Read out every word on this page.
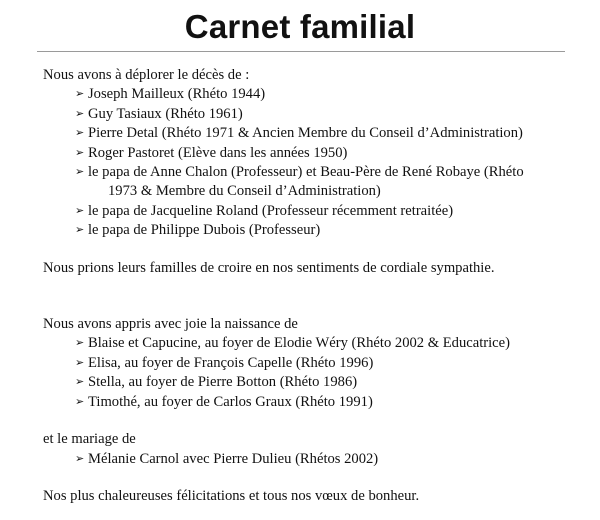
Carnet familial

Nous avons à déplorer le décès de :

➢ Joseph Mailleux (Rhéto 1944)
➢ Guy Tasiaux (Rhéto 1961)
➢ Pierre Detal (Rhéto 1971 & Ancien Membre du Conseil d’Administration)
➢ Roger Pastoret (Elève dans les années 1950)
➢ le papa de Anne Chalon (Professeur) et Beau-Père de René Robaye (Rhéto
1973 & Membre du Conseil d’Administration)
➢ le papa de Jacqueline Roland (Professeur récemment retraitée)
➢ le papa de Philippe Dubois (Professeur)

Nous prions leurs familles de croire en nos sentiments de cordiale sympathie.

Nous avons appris avec joie la naissance de

➢ Blaise et Capucine, au foyer de Elodie Wéry (Rhéto 2002 & Educatrice)
➢ Elisa, au foyer de François Capelle (Rhéto 1996)
➢ Stella, au foyer de Pierre Botton (Rhéto 1986)
➢ Timothé, au foyer de Carlos Graux (Rhéto 1991)

et le mariage de

➢ Mélanie Carnol avec Pierre Dulieu (Rhétos 2002)

Nos plus chaleureuses félicitations et tous nos vœux de bonheur.
